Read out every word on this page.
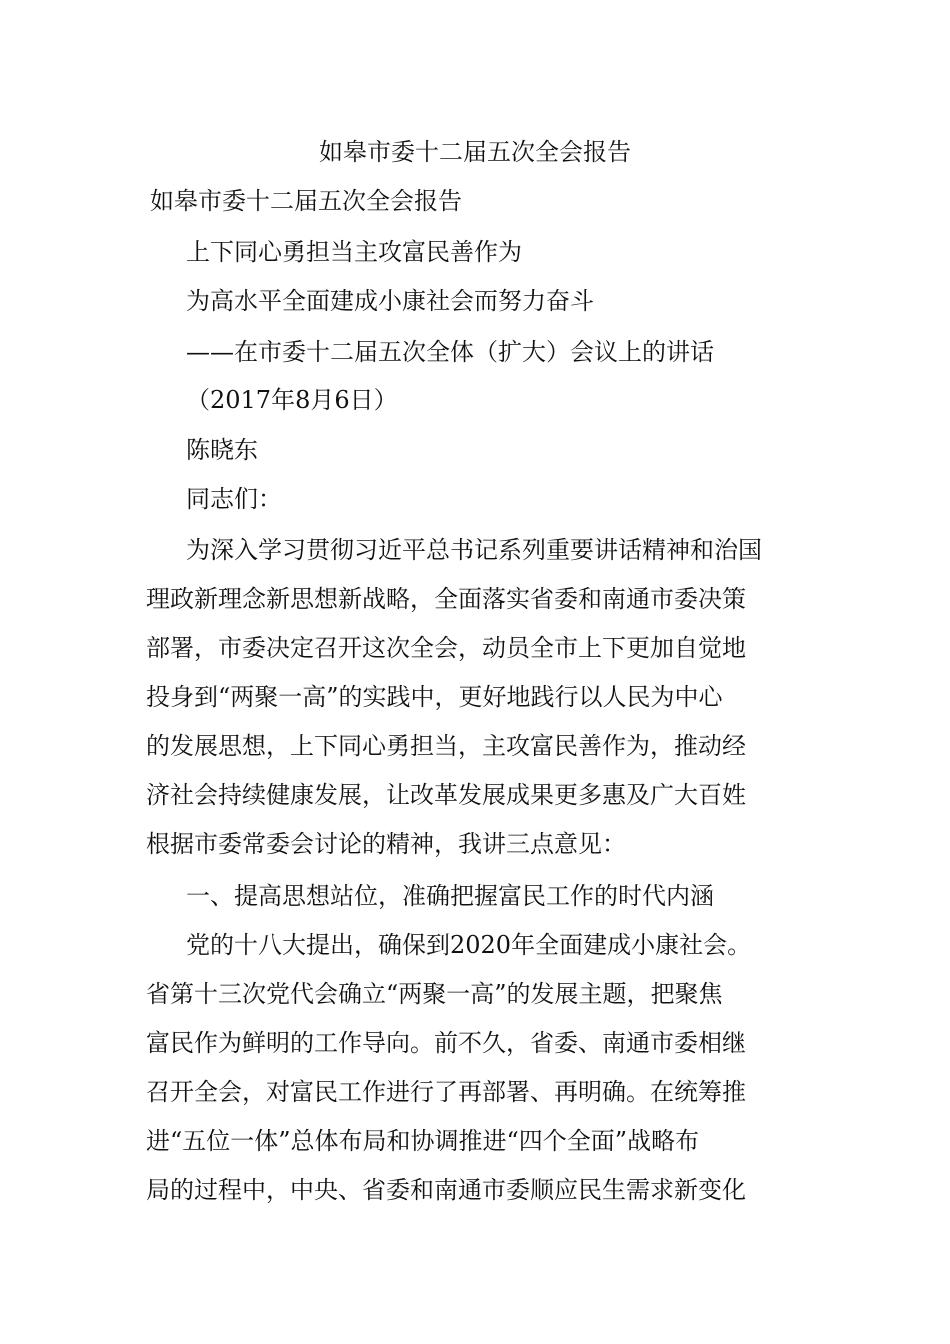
如皋市委十二届五次全会报告
如皋市委十二届五次全会报告
上下同心勇担当主攻富民善作为
为高水平全面建成小康社会而努力奋斗
——在市委十二届五次全体（扩大）会议上的讲话
（2017年8月6日）
陈晓东
同志们：
为深入学习贯彻习近平总书记系列重要讲话精神和治国
理政新理念新思想新战略，全面落实省委和南通市委决策
部署，市委决定召开这次全会，动员全市上下更加自觉地
投身到“两聚一高”的实践中，更好地践行以人民为中心
的发展思想，上下同心勇担当，主攻富民善作为，推动经
济社会持续健康发展，让改革发展成果更多惠及广大百姓
根据市委常委会讨论的精神，我讲三点意见：
一、提高思想站位，准确把握富民工作的时代内涵
党的十八大提出，确保到2020年全面建成小康社会。
省第十三次党代会确立“两聚一高”的发展主题，把聚焦
富民作为鲜明的工作导向。前不久，省委、南通市委相继
召开全会，对富民工作进行了再部署、再明确。在统筹推
进“五位一体”总体布局和协调推进“四个全面”战略布
局的过程中，中央、省委和南通市委顺应民生需求新变化
